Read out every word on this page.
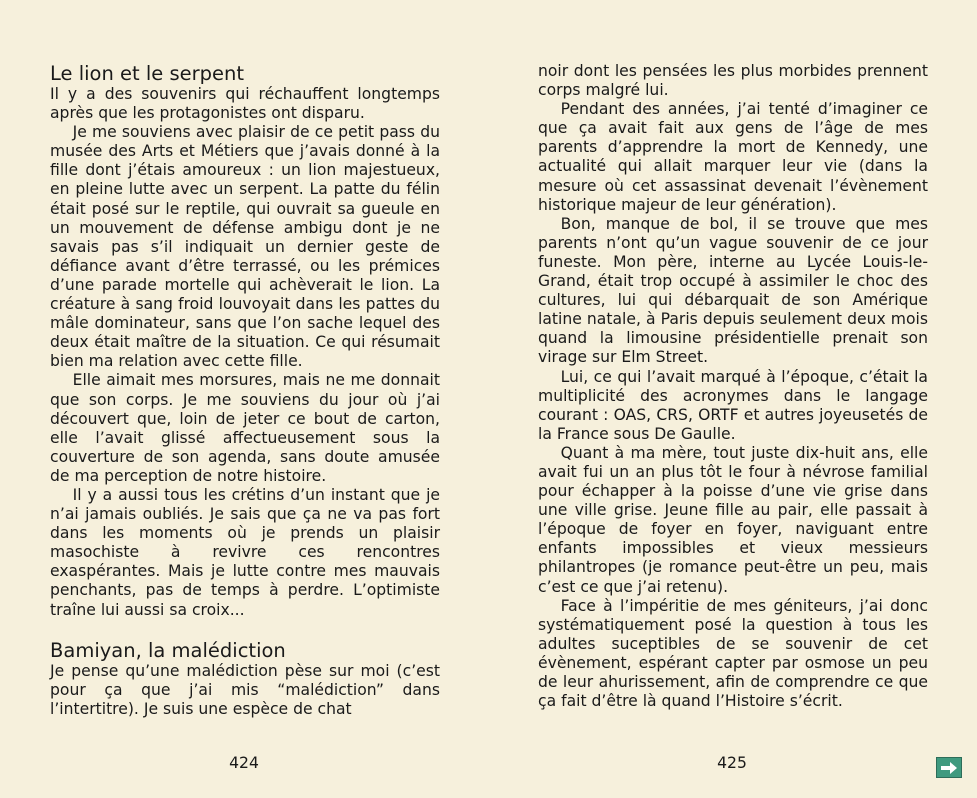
Le lion et le serpent

Il y a des souvenirs qui réchauffent longtemps après que les protagonistes ont disparu.

Je me souviens avec plaisir de ce petit pass du musée des Arts et Métiers que j’avais donné à la fille dont j’étais amoureux : un lion majestueux, en pleine lutte avec un serpent. La patte du félin était posé sur le reptile, qui ouvrait sa gueule en un mouvement de défense ambigu dont je ne savais pas s’il indiquait un dernier geste de défiance avant d’être terrassé, ou les prémices d’une parade mortelle qui achèverait le lion. La créature à sang froid louvoyait dans les pattes du mâle dominateur, sans que l’on sache lequel des deux était maître de la situation. Ce qui résumait bien ma relation avec cette fille.

Elle aimait mes morsures, mais ne me donnait que son corps. Je me souviens du jour où j’ai découvert que, loin de jeter ce bout de carton, elle l’avait glissé affectueusement sous la couverture de son agenda, sans doute amusée de ma perception de notre histoire.

Il y a aussi tous les crétins d’un instant que je n’ai jamais oubliés. Je sais que ça ne va pas fort dans les moments où je prends un plaisir masochiste à revivre ces rencontres exaspérantes. Mais je lutte contre mes mauvais penchants, pas de temps à perdre. L’optimiste traîne lui aussi sa croix...

Bamiyan, la malédiction

Je pense qu’une malédiction pèse sur moi (c’est pour ça que j’ai mis “malédiction” dans l’intertitre). Je suis une espèce de chat

noir dont les pensées les plus morbides prennent corps malgré lui.

Pendant des années, j’ai tenté d’imaginer ce que ça avait fait aux gens de l’âge de mes parents d’apprendre la mort de Kennedy, une actualité qui allait marquer leur vie (dans la mesure où cet assassinat devenait l’évènement historique majeur de leur génération).

Bon, manque de bol, il se trouve que mes parents n’ont qu’un vague souvenir de ce jour funeste. Mon père, interne au Lycée Louis-le-Grand, était trop occupé à assimiler le choc des cultures, lui qui débarquait de son Amérique latine natale, à Paris depuis seulement deux mois quand la limousine présidentielle prenait son virage sur Elm Street.

Lui, ce qui l’avait marqué à l’époque, c’était la multiplicité des acronymes dans le langage courant : OAS, CRS, ORTF et autres joyeusetés de la France sous De Gaulle.

Quant à ma mère, tout juste dix-huit ans, elle avait fui un an plus tôt le four à névrose familial pour échapper à la poisse d’une vie grise dans une ville grise. Jeune fille au pair, elle passait à l’époque de foyer en foyer, naviguant entre enfants impossibles et vieux messieurs philantropes (je romance peut-être un peu, mais c’est ce que j’ai retenu).

Face à l’impéritie de mes géniteurs, j’ai donc systématiquement posé la question à tous les adultes suceptibles de se souvenir de cet évènement, espérant capter par osmose un peu de leur ahurissement, afin de comprendre ce que ça fait d’être là quand l’Histoire s’écrit.

424	425
